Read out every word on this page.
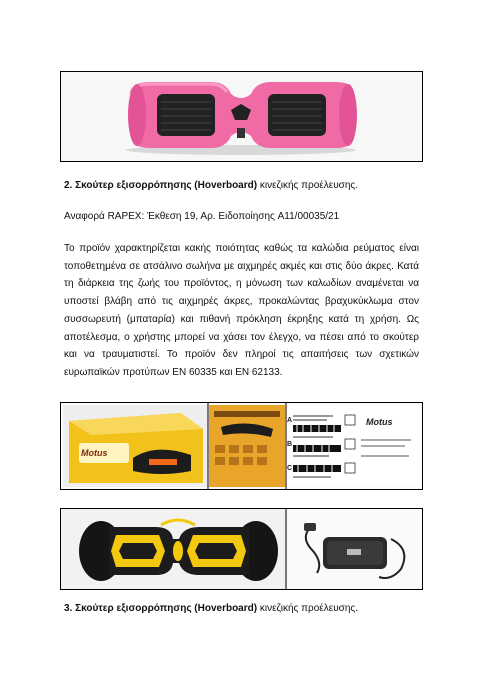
2. Σκούτερ εξισορρόπησης (Hoverboard) κινεζικής προέλευσης.
Αναφορά RAPEX: Έκθεση 19, Αρ. Ειδοποίησης A11/00035/21

Το προϊόν χαρακτηρίζεται κακής ποιότητας καθώς τα καλώδια ρεύματος είναι τοποθετημένα σε ατσάλινο σωλήνα με αιχμηρές ακμές και στις δύο άκρες. Κατά τη διάρκεια της ζωής του προϊόντος, η μόνωση των καλωδίων αναμένεται να υποστεί βλάβη από τις αιχμηρές άκρες, προκαλώντας βραχυκύκλωμα στον συσσωρευτή (μπαταρία) και πιθανή πρόκληση έκρηξης κατά τη χρήση. Ως αποτέλεσμα, ο χρήστης μπορεί να χάσει τον έλεγχο, να πέσει από το σκούτερ και να τραυματιστεί. Το προϊόν δεν πληροί τις απαιτήσεις των σχετικών ευρωπαϊκών προτύπων EN 60335 και EN 62133.

Motus
A
B
C
Motus
3. Σκούτερ εξισορρόπησης (Hoverboard) κινεζικής προέλευσης.
